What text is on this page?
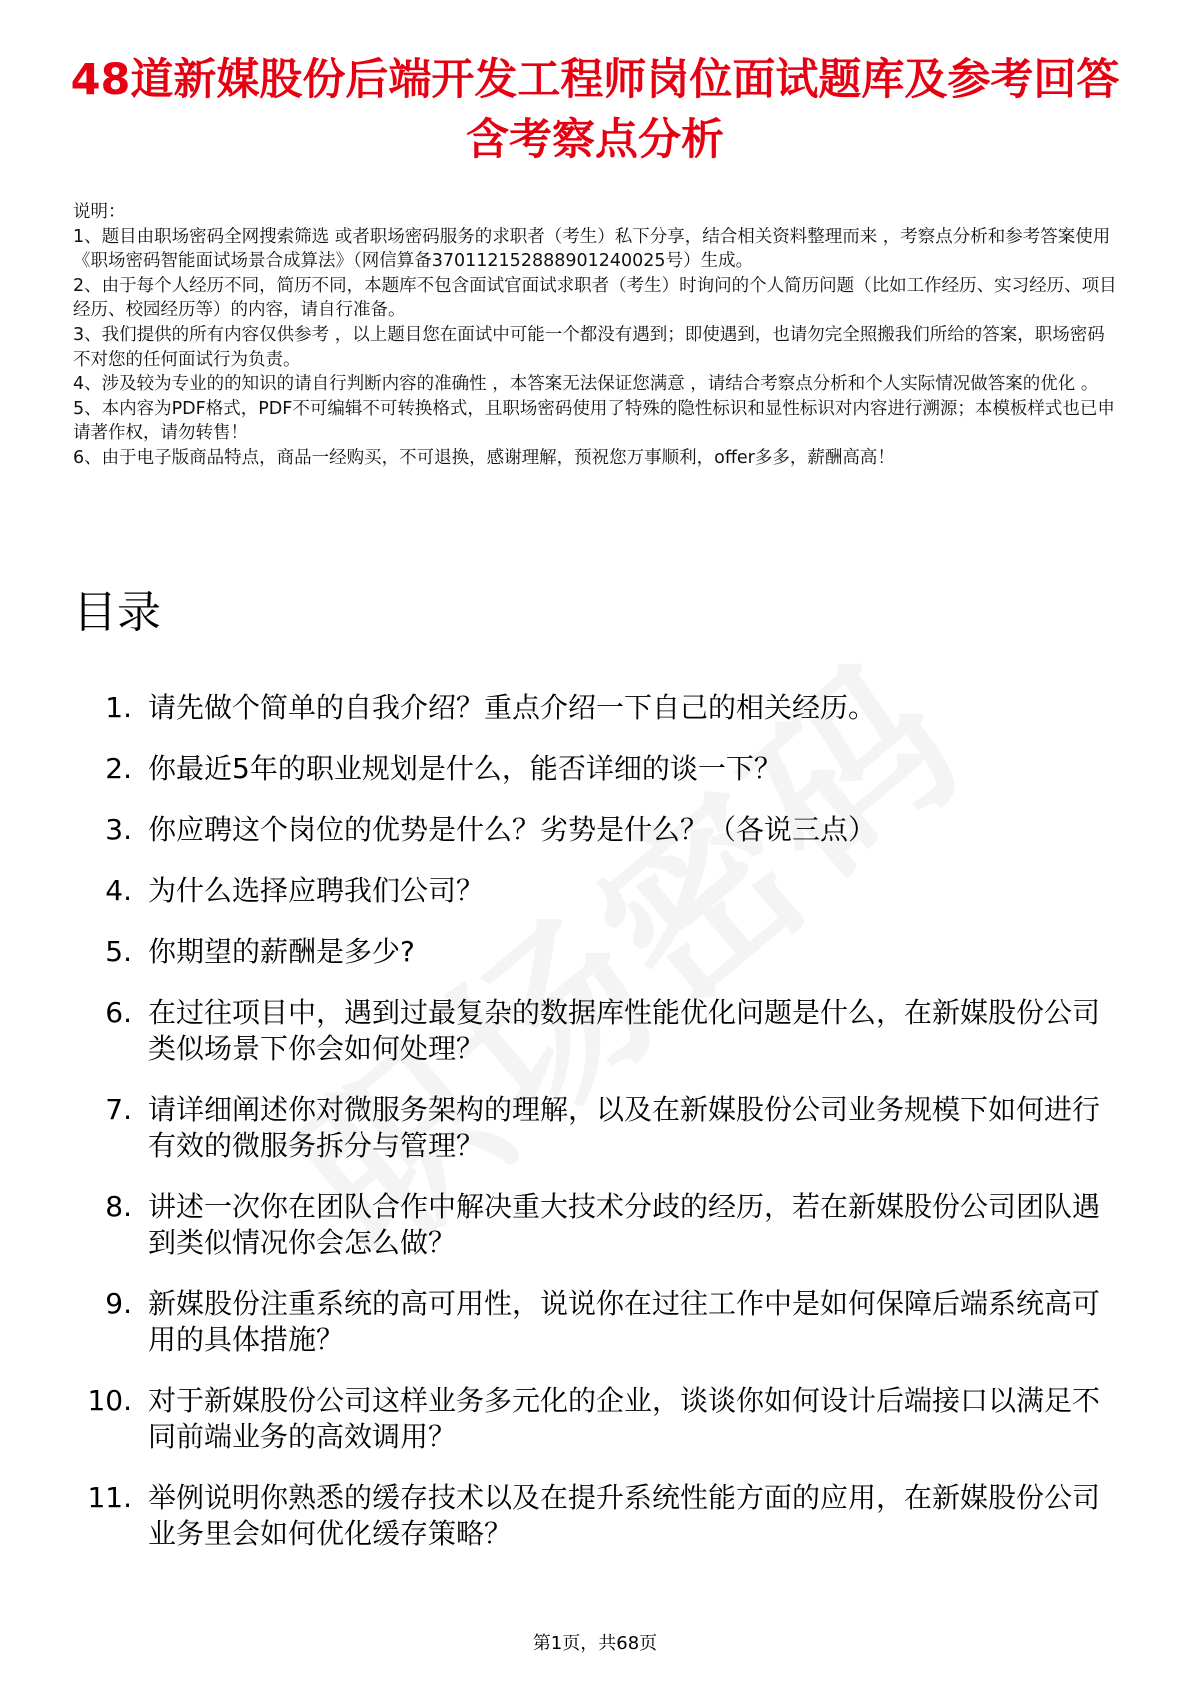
48道新媒股份后端开发工程师岗位面试题库及参考回答含考察点分析

说明：

1、题目由职场密码全网搜索筛选 或者职场密码服务的求职者（考生）私下分享，结合相关资料整理而来 ，考察点分析和参考答案使用《职场密码智能面试场景合成算法》（网信算备370112152888901240025号）生成。

2、由于每个人经历不同，简历不同，本题库不包含面试官面试求职者（考生）时询问的个人简历问题（比如工作经历、实习经历、项目经历、校园经历等）的内容，请自行准备。

3、我们提供的所有内容仅供参考 ，以上题目您在面试中可能一个都没有遇到；即使遇到，也请勿完全照搬我们所给的答案，职场密码不对您的任何面试行为负责。

4、涉及较为专业的的知识的请自行判断内容的准确性 ，本答案无法保证您满意 ，请结合考察点分析和个人实际情况做答案的优化 。

5、本内容为PDF格式，PDF不可编辑不可转换格式，且职场密码使用了特殊的隐性标识和显性标识对内容进行溯源；本模板样式也已申请著作权，请勿转售！

6、由于电子版商品特点，商品一经购买，不可退换，感谢理解，预祝您万事顺利，offer多多，薪酬高高！

目录
1. 请先做个简单的自我介绍？重点介绍一下自己的相关经历。
2. 你最近5年的职业规划是什么，能否详细的谈一下？
3. 你应聘这个岗位的优势是什么？劣势是什么？（各说三点）
4. 为什么选择应聘我们公司？
5. 你期望的薪酬是多少?
6. 在过往项目中，遇到过最复杂的数据库性能优化问题是什么，在新媒股份公司类似场景下你会如何处理？
7. 请详细阐述你对微服务架构的理解，以及在新媒股份公司业务规模下如何进行有效的微服务拆分与管理？
8. 讲述一次你在团队合作中解决重大技术分歧的经历，若在新媒股份公司团队遇到类似情况你会怎么做？
9. 新媒股份注重系统的高可用性，说说你在过往工作中是如何保障后端系统高可用的具体措施？
10. 对于新媒股份公司这样业务多元化的企业，谈谈你如何设计后端接口以满足不同前端业务的高效调用？
11. 举例说明你熟悉的缓存技术以及在提升系统性能方面的应用，在新媒股份公司业务里会如何优化缓存策略？
第1页，共68页
